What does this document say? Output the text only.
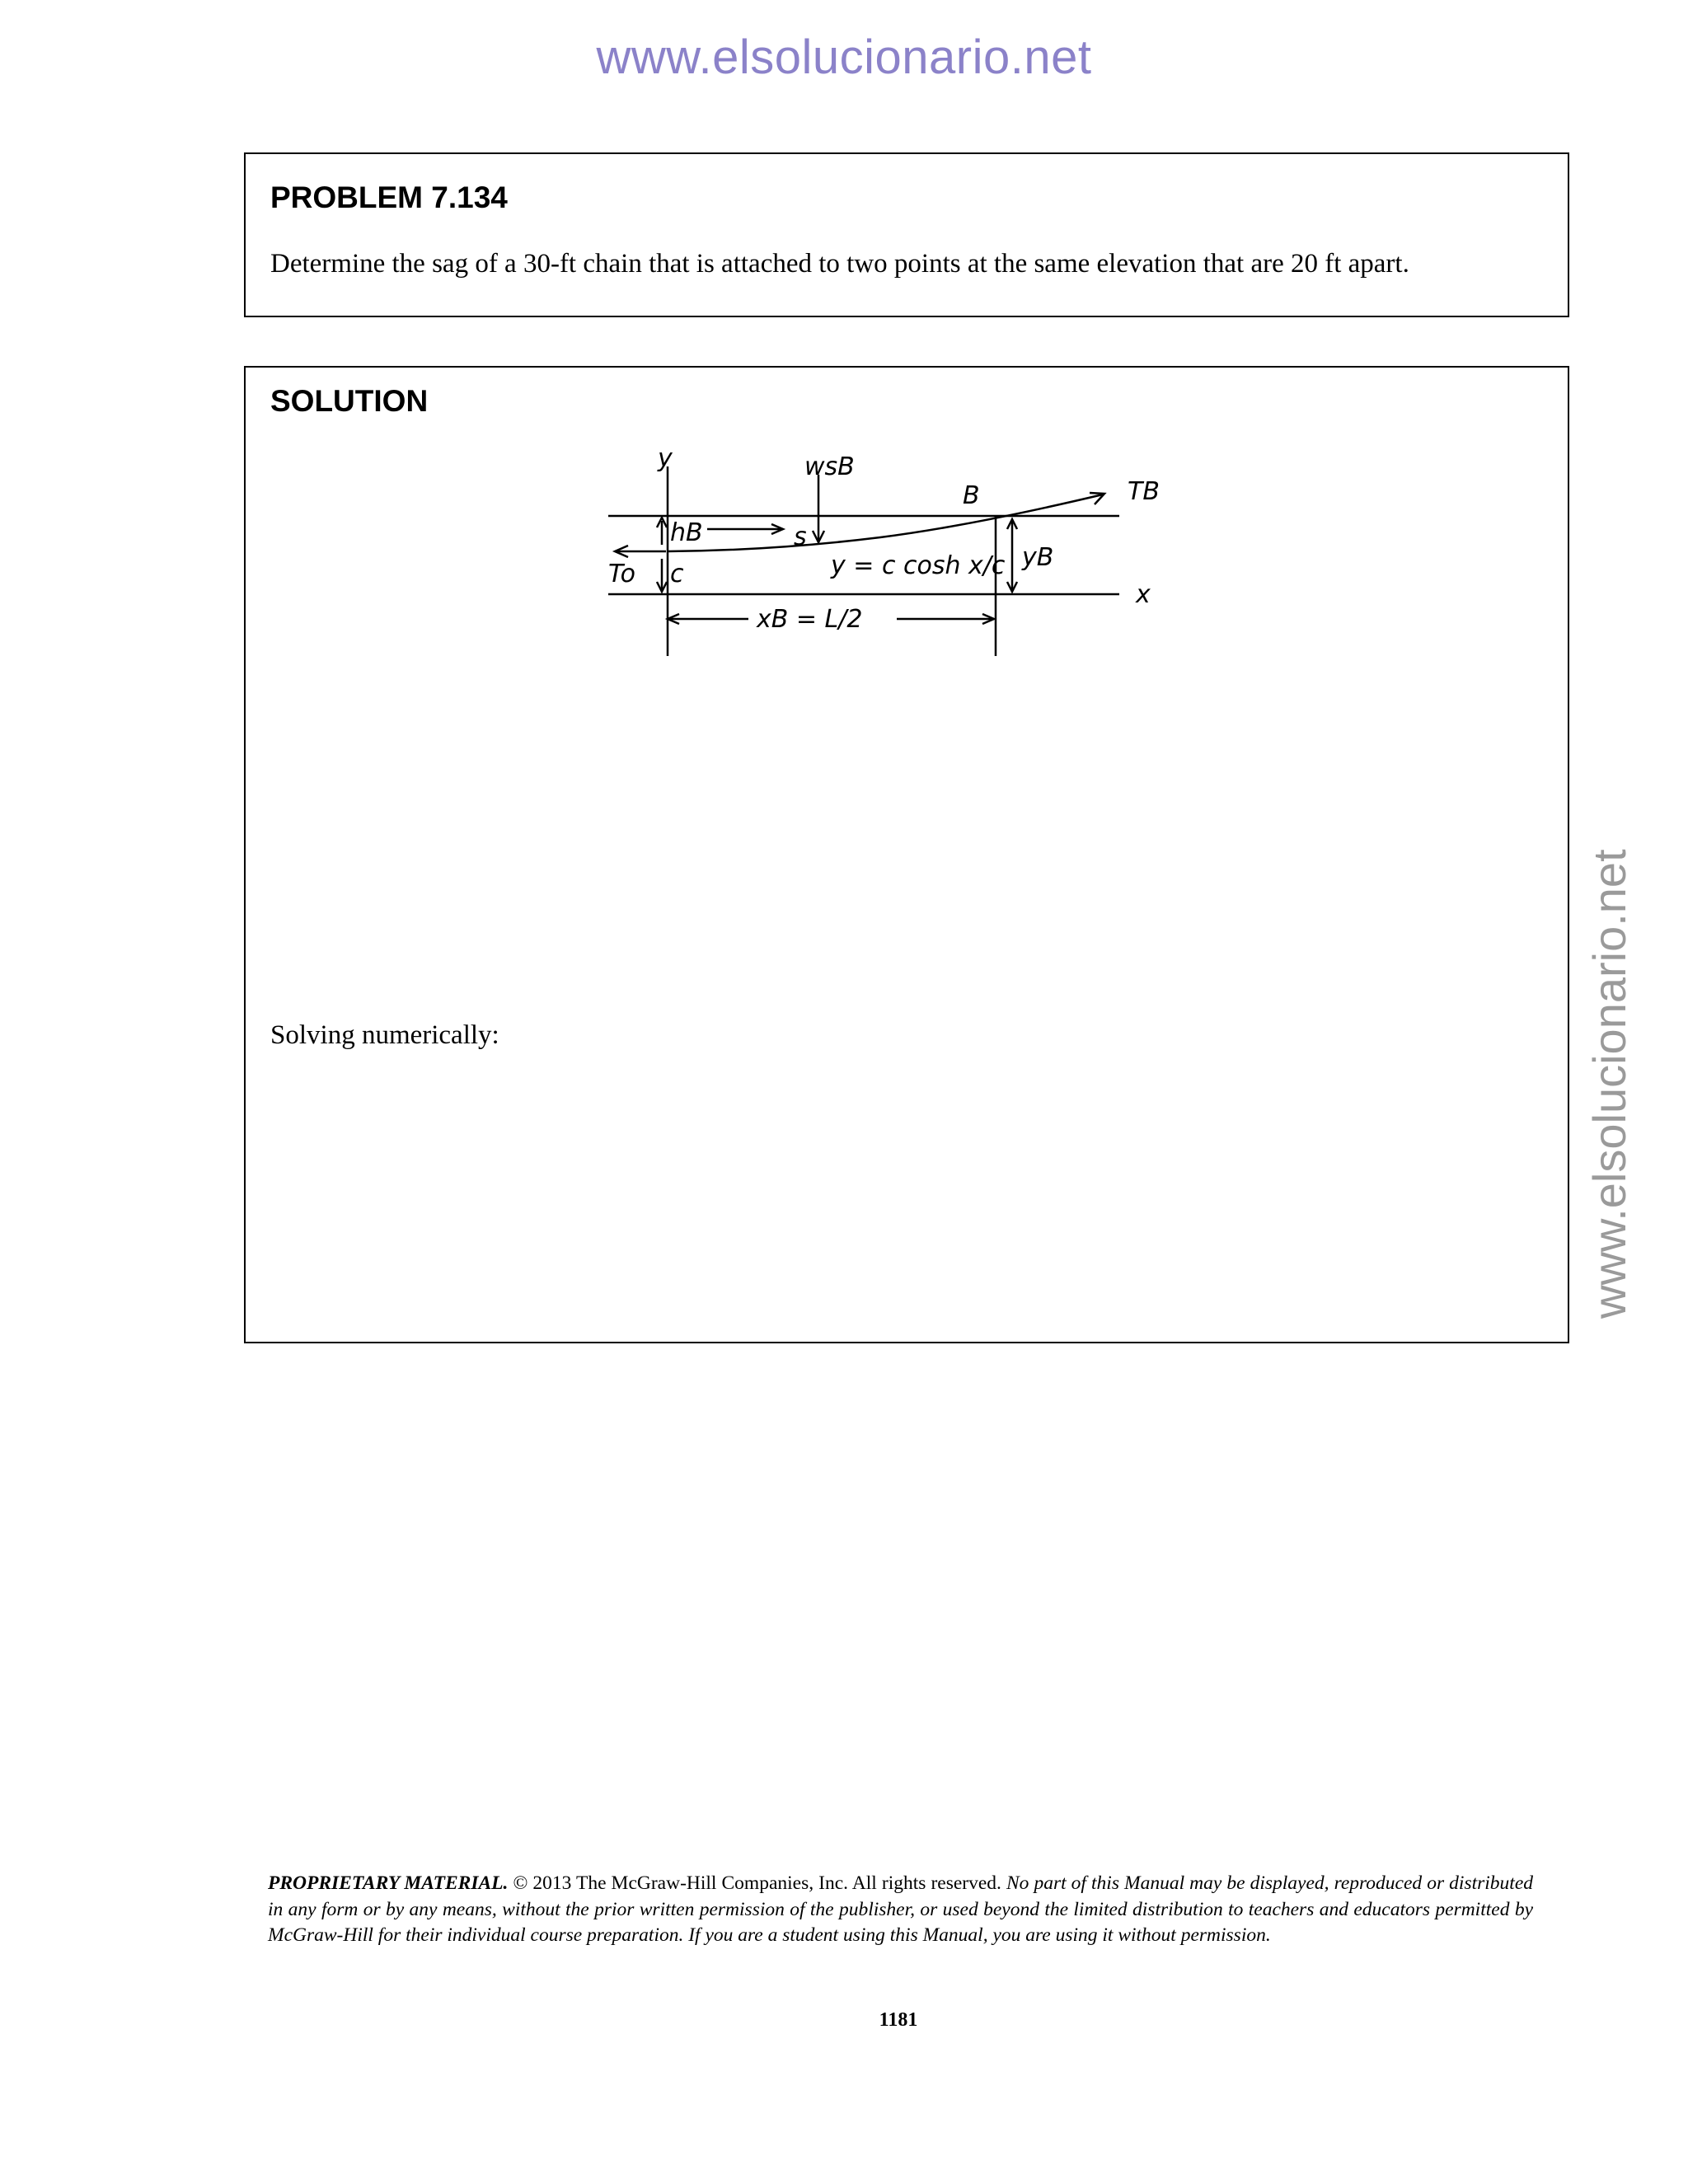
www.elsolucionario.net
www.elsolucionario.net
PROBLEM 7.134
Determine the sag of a 30-ft chain that is attached to two points at the same elevation that are 20 ft apart.
SOLUTION
y
x
wsB
B	TB
To
s
hB
c	y = c cosh x/c yB
xB = L/2
Solving numerically:
PROPRIETARY MATERIAL. © 2013 The McGraw-Hill Companies, Inc. All rights reserved. No part of this Manual may be displayed, reproduced or distributed in any form or by any means, without the prior written permission of the publisher, or used beyond the limited distribution to teachers and educators permitted by McGraw-Hill for their individual course preparation. If you are a student using this Manual, you are using it without permission.
1181
